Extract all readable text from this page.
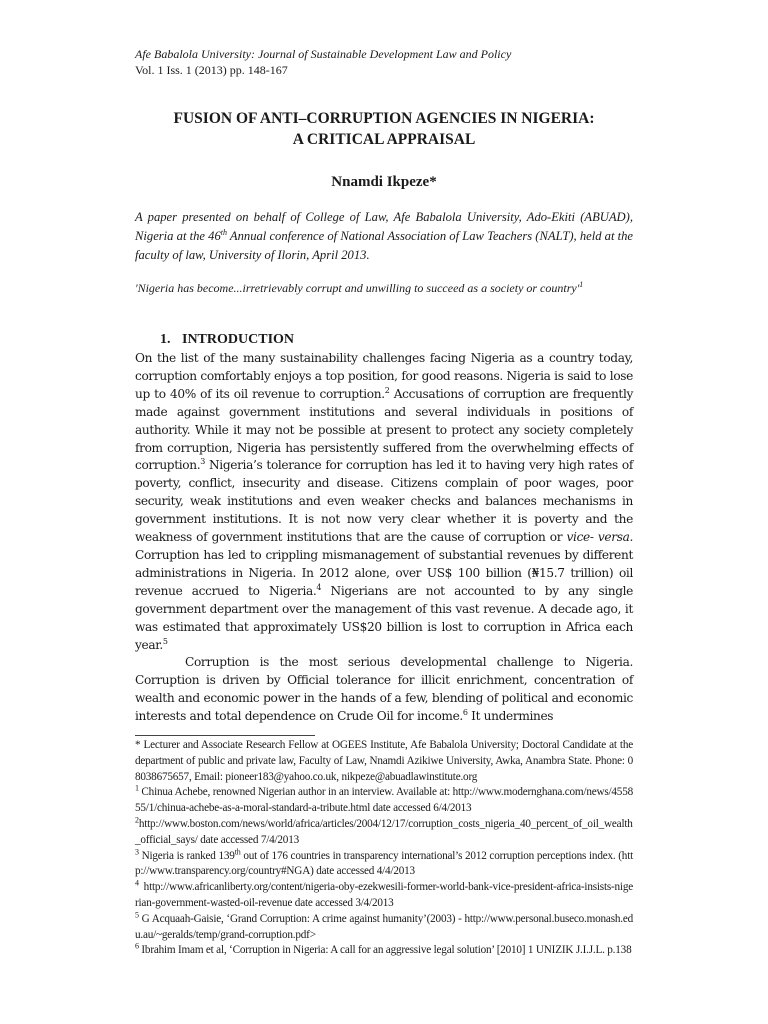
Afe Babalola University: Journal of Sustainable Development Law and Policy
Vol. 1 Iss. 1 (2013) pp. 148-167
FUSION OF ANTI–CORRUPTION AGENCIES IN NIGERIA:
A CRITICAL APPRAISAL
Nnamdi Ikpeze*
A paper presented on behalf of College of Law, Afe Babalola University, Ado-Ekiti (ABUAD), Nigeria at the 46th Annual conference of National Association of Law Teachers (NALT), held at the faculty of law, University of Ilorin, April 2013.
'Nigeria has become...irretrievably corrupt and unwilling to succeed as a society or $country'^1$
1. INTRODUCTION

On the list of the many sustainability challenges facing Nigeria as a country today, corruption comfortably enjoys a top position, for good reasons. Nigeria is said to lose up to 40% of its oil revenue to corruption.$^2$ Accusations of corruption are frequently made against government institutions and several individuals in positions of authority. While it may not be possible at present to protect any society completely from corruption, Nigeria has persistently suffered from the overwhelming effects of corruption.$^3$ Nigeria’s tolerance for corruption has led it to having very high rates of poverty, conflict, insecurity and disease. Citizens complain of poor wages, poor security, weak institutions and even weaker checks and balances mechanisms in government institutions. It is not now very clear whether it is poverty and the weakness of government institutions that are the cause of corruption or vice- versa. Corruption has led to crippling mismanagement of substantial revenues by different administrations in Nigeria. In 2012 alone, over US$ 100 billion (₦15.7 trillion) oil revenue accrued to Nigeria.$^4$ Nigerians are not accounted to by any single government department over the management of this vast revenue. A decade ago, it was estimated that approximately US$20 billion is lost to corruption in Africa each year.$^5$

Corruption is the most serious developmental challenge to Nigeria. Corruption is driven by Official tolerance for illicit enrichment, concentration of wealth and economic power in the hands of a few, blending of political and economic interests and total dependence on Crude Oil for income.$^6$ It undermines

* Lecturer and Associate Research Fellow at OGEES Institute, Afe Babalola University; Doctoral Candidate at the department of public and private law, Faculty of Law, Nnamdi Azikiwe University, Awka, Anambra State. Phone: 08038675657, Email: pioneer183@yahoo.co.uk, nikpeze@abuadlawinstitute.org

$^1$ Chinua Achebe, renowned Nigerian author in an interview. Available at: http://www.modernghana.com/news/455855/1/chinua-achebe-as-a-moral-standard-a-tribute.html date accessed 6/4/2013

$^2$http://www.boston.com/news/world/africa/articles/2004/12/17/corruption_costs_nigeria_40_percent_of_oil_wealth_official_says/ date accessed 7/4/2013

$^3$ Nigeria is ranked 139th out of 176 countries in transparency international’s 2012 corruption perceptions index. (http://www.transparency.org/country#NGA) date accessed 4/4/2013

$^4$ http://www.africanliberty.org/content/nigeria-oby-ezekwesili-former-world-bank-vice-president-africa-insists-nigerian-government-wasted-oil-revenue date accessed 3/4/2013

$^5$ G Acquaah-Gaisie, ‘Grand Corruption: A crime against humanity’(2003) - http://www.personal.buseco.monash.edu.au/~geralds/temp/grand-corruption.pdf>

$^6$ Ibrahim Imam et al, ‘Corruption in Nigeria: A call for an aggressive legal solution’ [2010] 1 UNIZIK J.I.J.L. p.138
